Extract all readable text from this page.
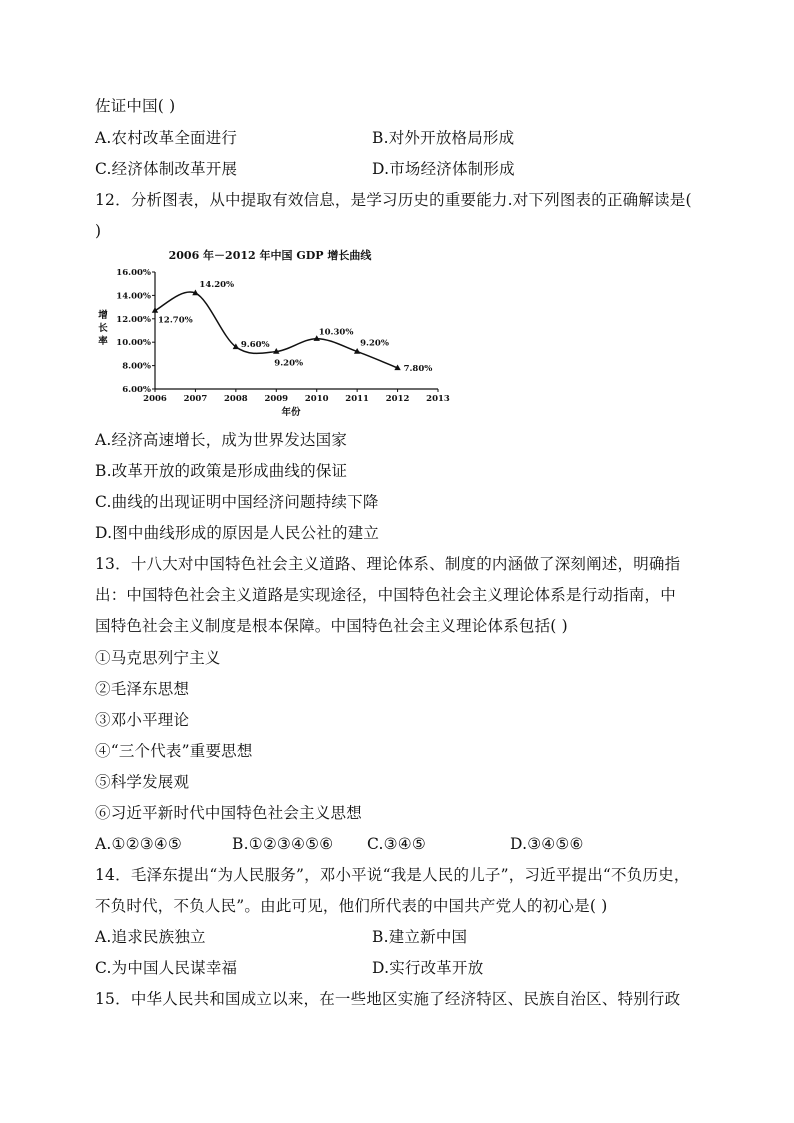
佐证中国( )
A.农村改革全面进行	B.对外开放格局形成
C.经济体制改革开展	D.市场经济体制形成
12．分析图表，从中提取有效信息，是学习历史的重要能力.对下列图表的正确解读是(
)
2006 年－2012 年中国 GDP 增长曲线
6.00%
8.00%
10.00%
12.00%
14.00%
16.00%
2006 2007 2008 2009 2010 2011 2012 2013
增
长
率
年份
12.70%
14.20%
9.60%
9.20%
10.30%
9.20%
7.80%
A.经济高速增长，成为世界发达国家
B.改革开放的政策是形成曲线的保证
C.曲线的出现证明中国经济问题持续下降
D.图中曲线形成的原因是人民公社的建立
13．十八大对中国特色社会主义道路、理论体系、制度的内涵做了深刻阐述，明确指
出：中国特色社会主义道路是实现途径，中国特色社会主义理论体系是行动指南，中
国特色社会主义制度是根本保障。中国特色社会主义理论体系包括( )
①马克思列宁主义
②毛泽东思想
③邓小平理论
④“三个代表”重要思想
⑤科学发展观
⑥习近平新时代中国特色社会主义思想
A.①②③④⑤	B.①②③④⑤⑥ C.③④⑤	D.③④⑤⑥
14．毛泽东提出“为人民服务”，邓小平说“我是人民的儿子”，习近平提出“不负历史，
不负时代，不负人民”。由此可见，他们所代表的中国共产党人的初心是( )
A.追求民族独立	B.建立新中国
C.为中国人民谋幸福	D.实行改革开放
15．中华人民共和国成立以来，在一些地区实施了经济特区、民族自治区、特别行政
